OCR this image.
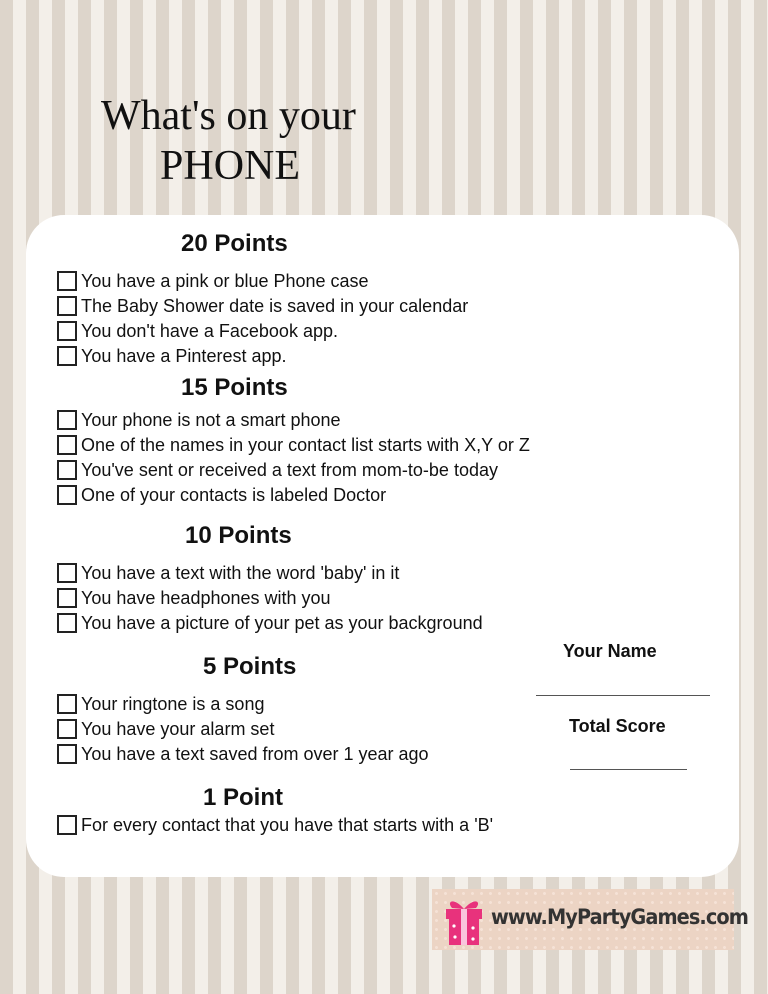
What's on your
PHONE
20 Points
You have a pink or blue Phone case
The Baby Shower date is saved in your calendar
You don't have a Facebook app.
You have a Pinterest app.
15 Points
Your phone is not a smart phone
One of the names in your contact list starts with X,Y or Z
You've sent or received a text from mom-to-be today
One of your contacts is labeled Doctor
10 Points
You have a text with the word 'baby' in it
You have headphones with you
You have a picture of your pet as your background
5 Points
Your ringtone is a song
You have your alarm set
You have a text saved from over 1 year ago
1 Point
For every contact that you have that starts with a 'B'
Your Name
Total Score
www.MyPartyGames.com
